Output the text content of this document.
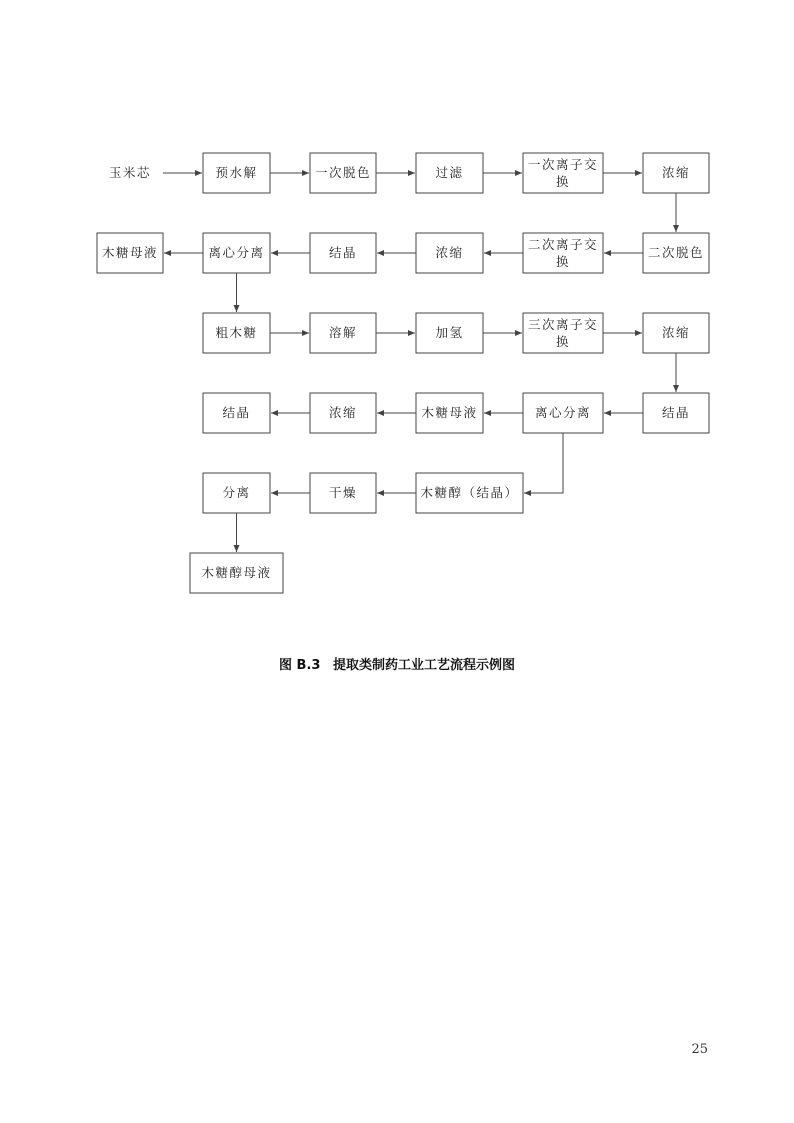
玉米芯	预水解	一次脱色	过滤
一次离子交
换
浓缩
木糖母液	离心分离	结晶	浓缩
二次离子交
换
二次脱色
粗木糖	溶解	加氢
三次离子交
换
浓缩
结晶	浓缩	木糖母液	离心分离	结晶
分离	干燥	木糖醇（结晶）
木糖醇母液
图 B.3 提取类制药工业工艺流程示例图
25
